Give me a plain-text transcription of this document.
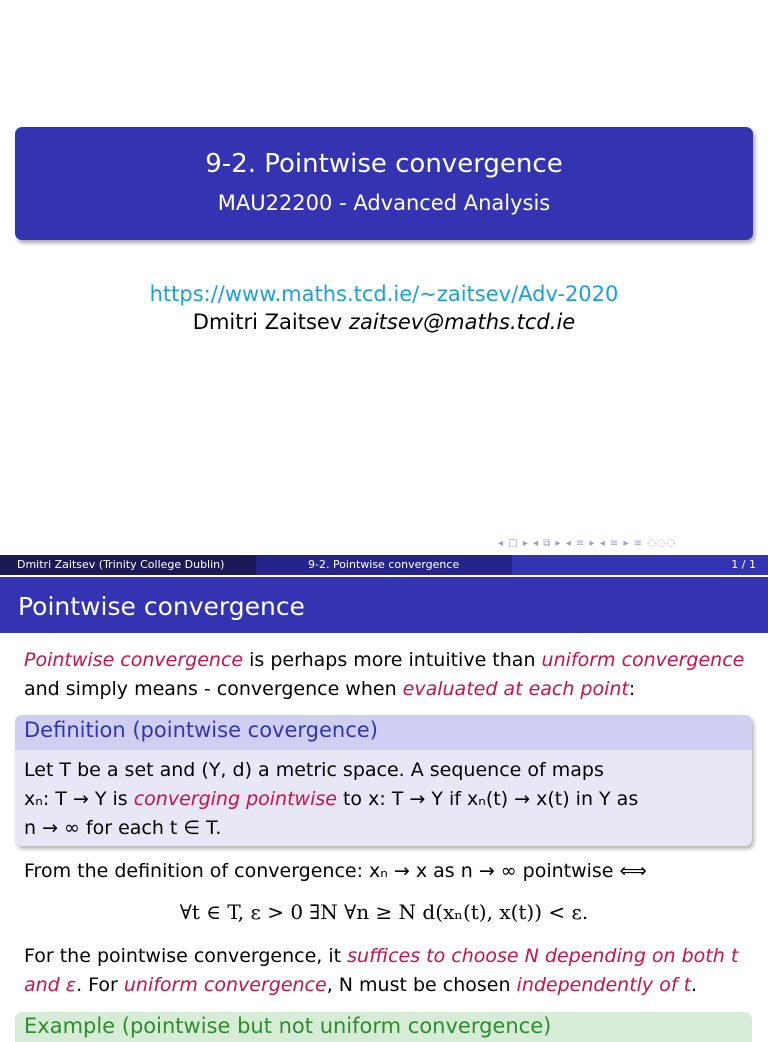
9-2. Pointwise convergence
MAU22200 - Advanced Analysis
https://www.maths.tcd.ie/~zaitsev/Adv-2020
Dmitri Zaitsev zaitsev@maths.tcd.ie
◂ □ ▸ ◂ ⧉ ▸ ◂ ≡ ▸ ◂ ≡ ▸ ≡ ◌◌◌
Dmitri Zaitsev (Trinity College Dublin)	9-2. Pointwise convergence	1 / 1
Pointwise convergence
Pointwise convergence is perhaps more intuitive than uniform convergence and simply means - convergence when evaluated at each point:
Definition (pointwise covergence)
Let T be a set and (Y, d) a metric space. A sequence of maps
xₙ: T → Y is converging pointwise to x: T → Y if xₙ(t) → x(t) in Y as
n → ∞ for each t ∈ T.
From the definition of convergence: xₙ → x as n → ∞ pointwise ⟺
∀t ∈ T, ε > 0 ∃N ∀n ≥ N d(xₙ(t), x(t)) < ε.
For the pointwise convergence, it suffices to choose N depending on both t and ε. For uniform convergence, N must be chosen independently of t.
Example (pointwise but not uniform convergence)
